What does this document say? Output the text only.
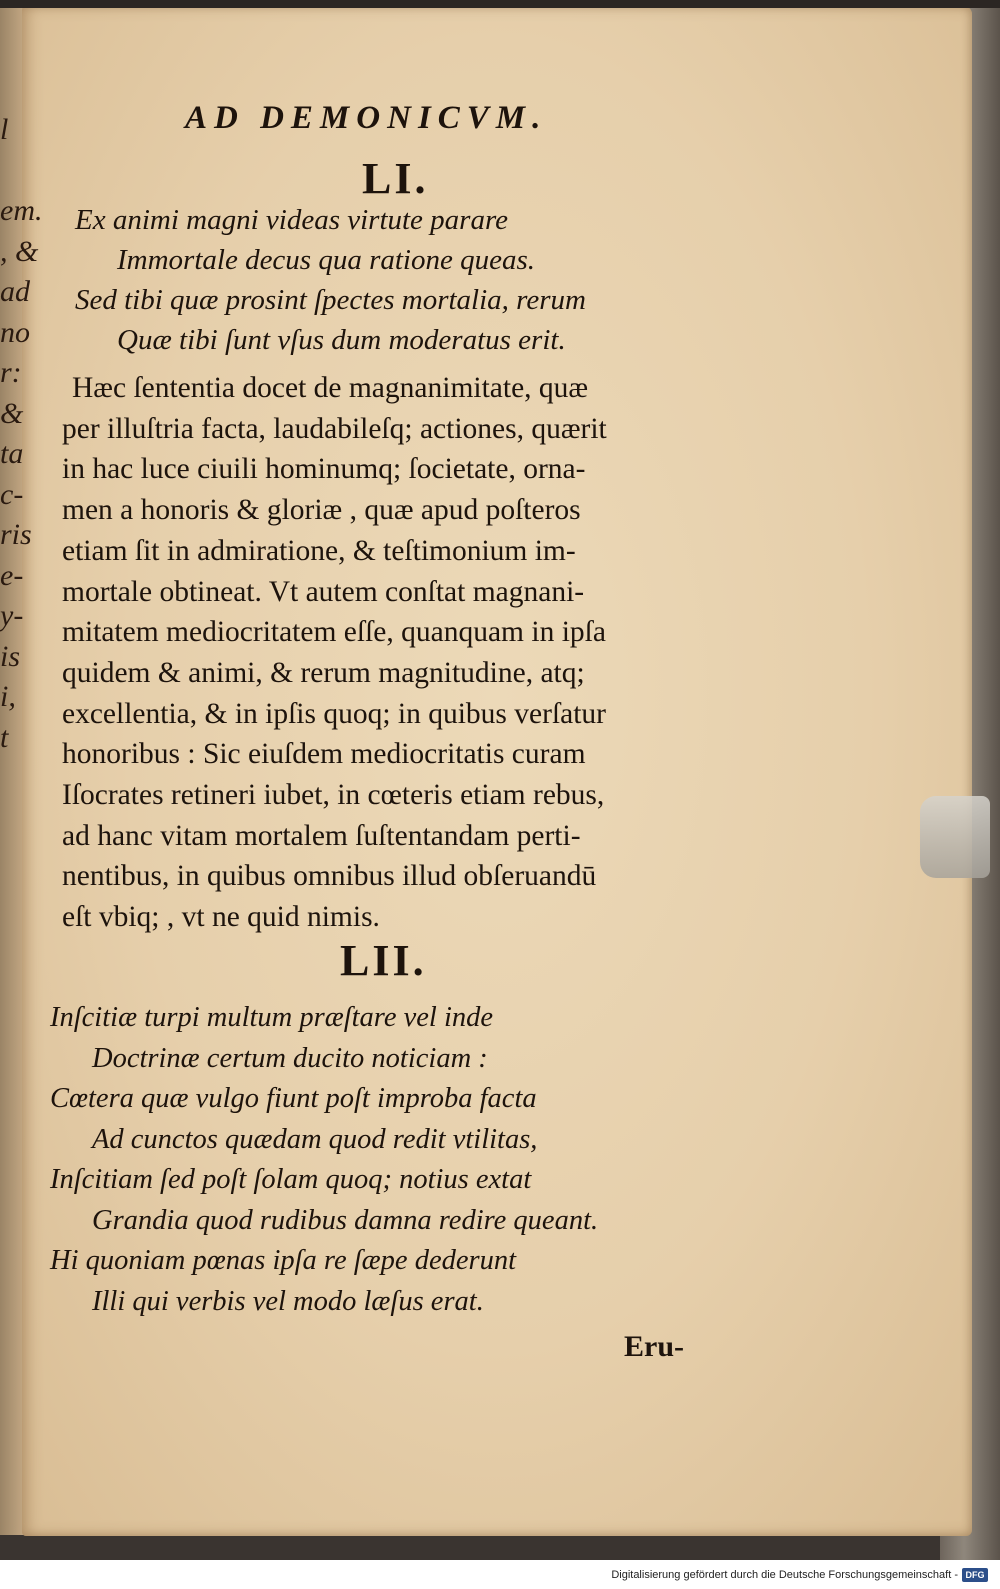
l
em.
, &
ad
no
r:
&
ta
c-
ris
e-
y-
is
i,
t
AD DEMONICVM.
LI.
Ex animi magni videas virtute parare
Immortale decus qua ratione queas.
Sed tibi quæ prosint ſpectes mortalia, rerum
Quæ tibi ſunt vſus dum moderatus erit.
Hæc ſententia docet de magnanimitate, quæ
per illuſtria facta, laudabileſq; actiones, quærit
in hac luce ciuili hominumq; ſocietate, orna-
men a honoris & gloriæ , quæ apud poſteros
etiam ſit in admiratione, & teſtimonium im-
mortale obtineat. Vt autem conſtat magnani-
mitatem mediocritatem eſſe, quanquam in ipſa
quidem & animi, & rerum magnitudine, atq;
excellentia, & in ipſis quoq; in quibus verſatur
honoribus : Sic eiuſdem mediocritatis curam
Iſocrates retineri iubet, in cœteris etiam rebus,
ad hanc vitam mortalem ſuſtentandam perti-
nentibus, in quibus omnibus illud obſeruandū
eſt vbiq; , vt ne quid nimis.
LII.
Inſcitiæ turpi multum præſtare vel inde
Doctrinæ certum ducito noticiam :
Cœtera quæ vulgo fiunt poſt improba facta
Ad cunctos quædam quod redit vtilitas,
Inſcitiam ſed poſt ſolam quoq; notius extat
Grandia quod rudibus damna redire queant.
Hi quoniam pœnas ipſa re ſæpe dederunt
Illi qui verbis vel modo læſus erat.
Eru-
Digitalisierung gefördert durch die Deutsche Forschungsgemeinschaft - DFG
